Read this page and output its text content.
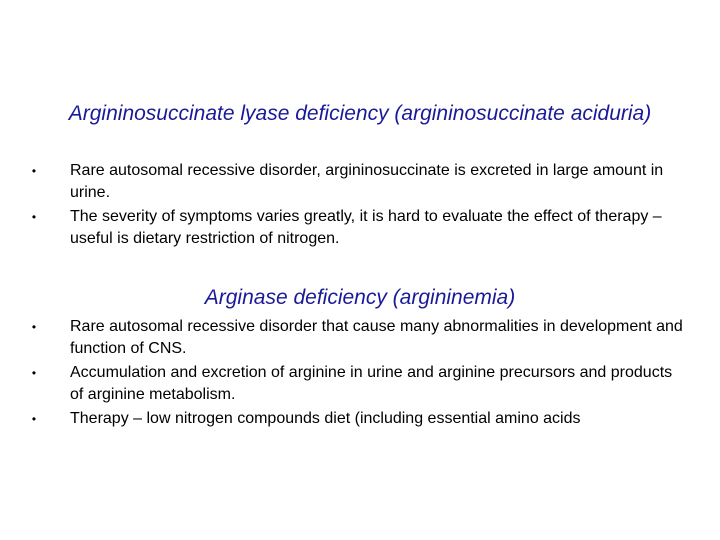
Argininosuccinate lyase deficiency (argininosuccinate aciduria)
• Rare autosomal recessive disorder, argininosuccinate is excreted in large amount in urine.
• The severity of symptoms varies greatly, it is hard to evaluate the effect of therapy – useful is dietary restriction of nitrogen.
Arginase deficiency (argininemia)
• Rare autosomal recessive disorder that cause many abnormalities in development and function of CNS.
• Accumulation and excretion of arginine in urine and arginine precursors and products of arginine metabolism.
• Therapy – low nitrogen compounds diet (including essential amino acids
